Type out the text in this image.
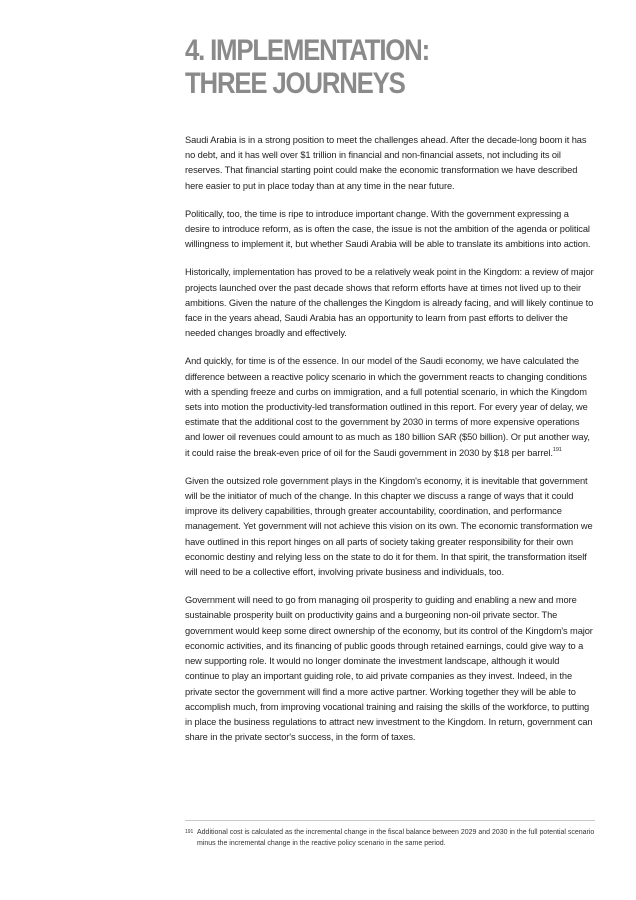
4. IMPLEMENTATION:
THREE JOURNEYS

Saudi Arabia is in a strong position to meet the challenges ahead. After the decade-long boom it has no debt, and it has well over $1 trillion in financial and non-financial assets, not including its oil reserves. That financial starting point could make the economic transformation we have described here easier to put in place today than at any time in the near future.

Politically, too, the time is ripe to introduce important change. With the government expressing a desire to introduce reform, as is often the case, the issue is not the ambition of the agenda or political willingness to implement it, but whether Saudi Arabia will be able to translate its ambitions into action.

Historically, implementation has proved to be a relatively weak point in the Kingdom: a review of major projects launched over the past decade shows that reform efforts have at times not lived up to their ambitions. Given the nature of the challenges the Kingdom is already facing, and will likely continue to face in the years ahead, Saudi Arabia has an opportunity to learn from past efforts to deliver the needed changes broadly and effectively.

And quickly, for time is of the essence. In our model of the Saudi economy, we have calculated the difference between a reactive policy scenario in which the government reacts to changing conditions with a spending freeze and curbs on immigration, and a full potential scenario, in which the Kingdom sets into motion the productivity-led transformation outlined in this report. For every year of delay, we estimate that the additional cost to the government by 2030 in terms of more expensive operations and lower oil revenues could amount to as much as 180 billion SAR ($50 billion). Or put another way, it could raise the break-even price of oil for the Saudi government in 2030 by $18 per barrel.$^{191}$

Given the outsized role government plays in the Kingdom's economy, it is inevitable that government will be the initiator of much of the change. In this chapter we discuss a range of ways that it could improve its delivery capabilities, through greater accountability, coordination, and performance management. Yet government will not achieve this vision on its own. The economic transformation we have outlined in this report hinges on all parts of society taking greater responsibility for their own economic destiny and relying less on the state to do it for them. In that spirit, the transformation itself will need to be a collective effort, involving private business and individuals, too.

Government will need to go from managing oil prosperity to guiding and enabling a new and more sustainable prosperity built on productivity gains and a burgeoning non-oil private sector. The government would keep some direct ownership of the economy, but its control of the Kingdom's major economic activities, and its financing of public goods through retained earnings, could give way to a new supporting role. It would no longer dominate the investment landscape, although it would continue to play an important guiding role, to aid private companies as they invest. Indeed, in the private sector the government will find a more active partner. Working together they will be able to accomplish much, from improving vocational training and raising the skills of the workforce, to putting in place the business regulations to attract new investment to the Kingdom. In return, government can share in the private sector's success, in the form of taxes.

191 Additional cost is calculated as the incremental change in the fiscal balance between 2029 and 2030 in the full potential scenario minus the incremental change in the reactive policy scenario in the same period.
